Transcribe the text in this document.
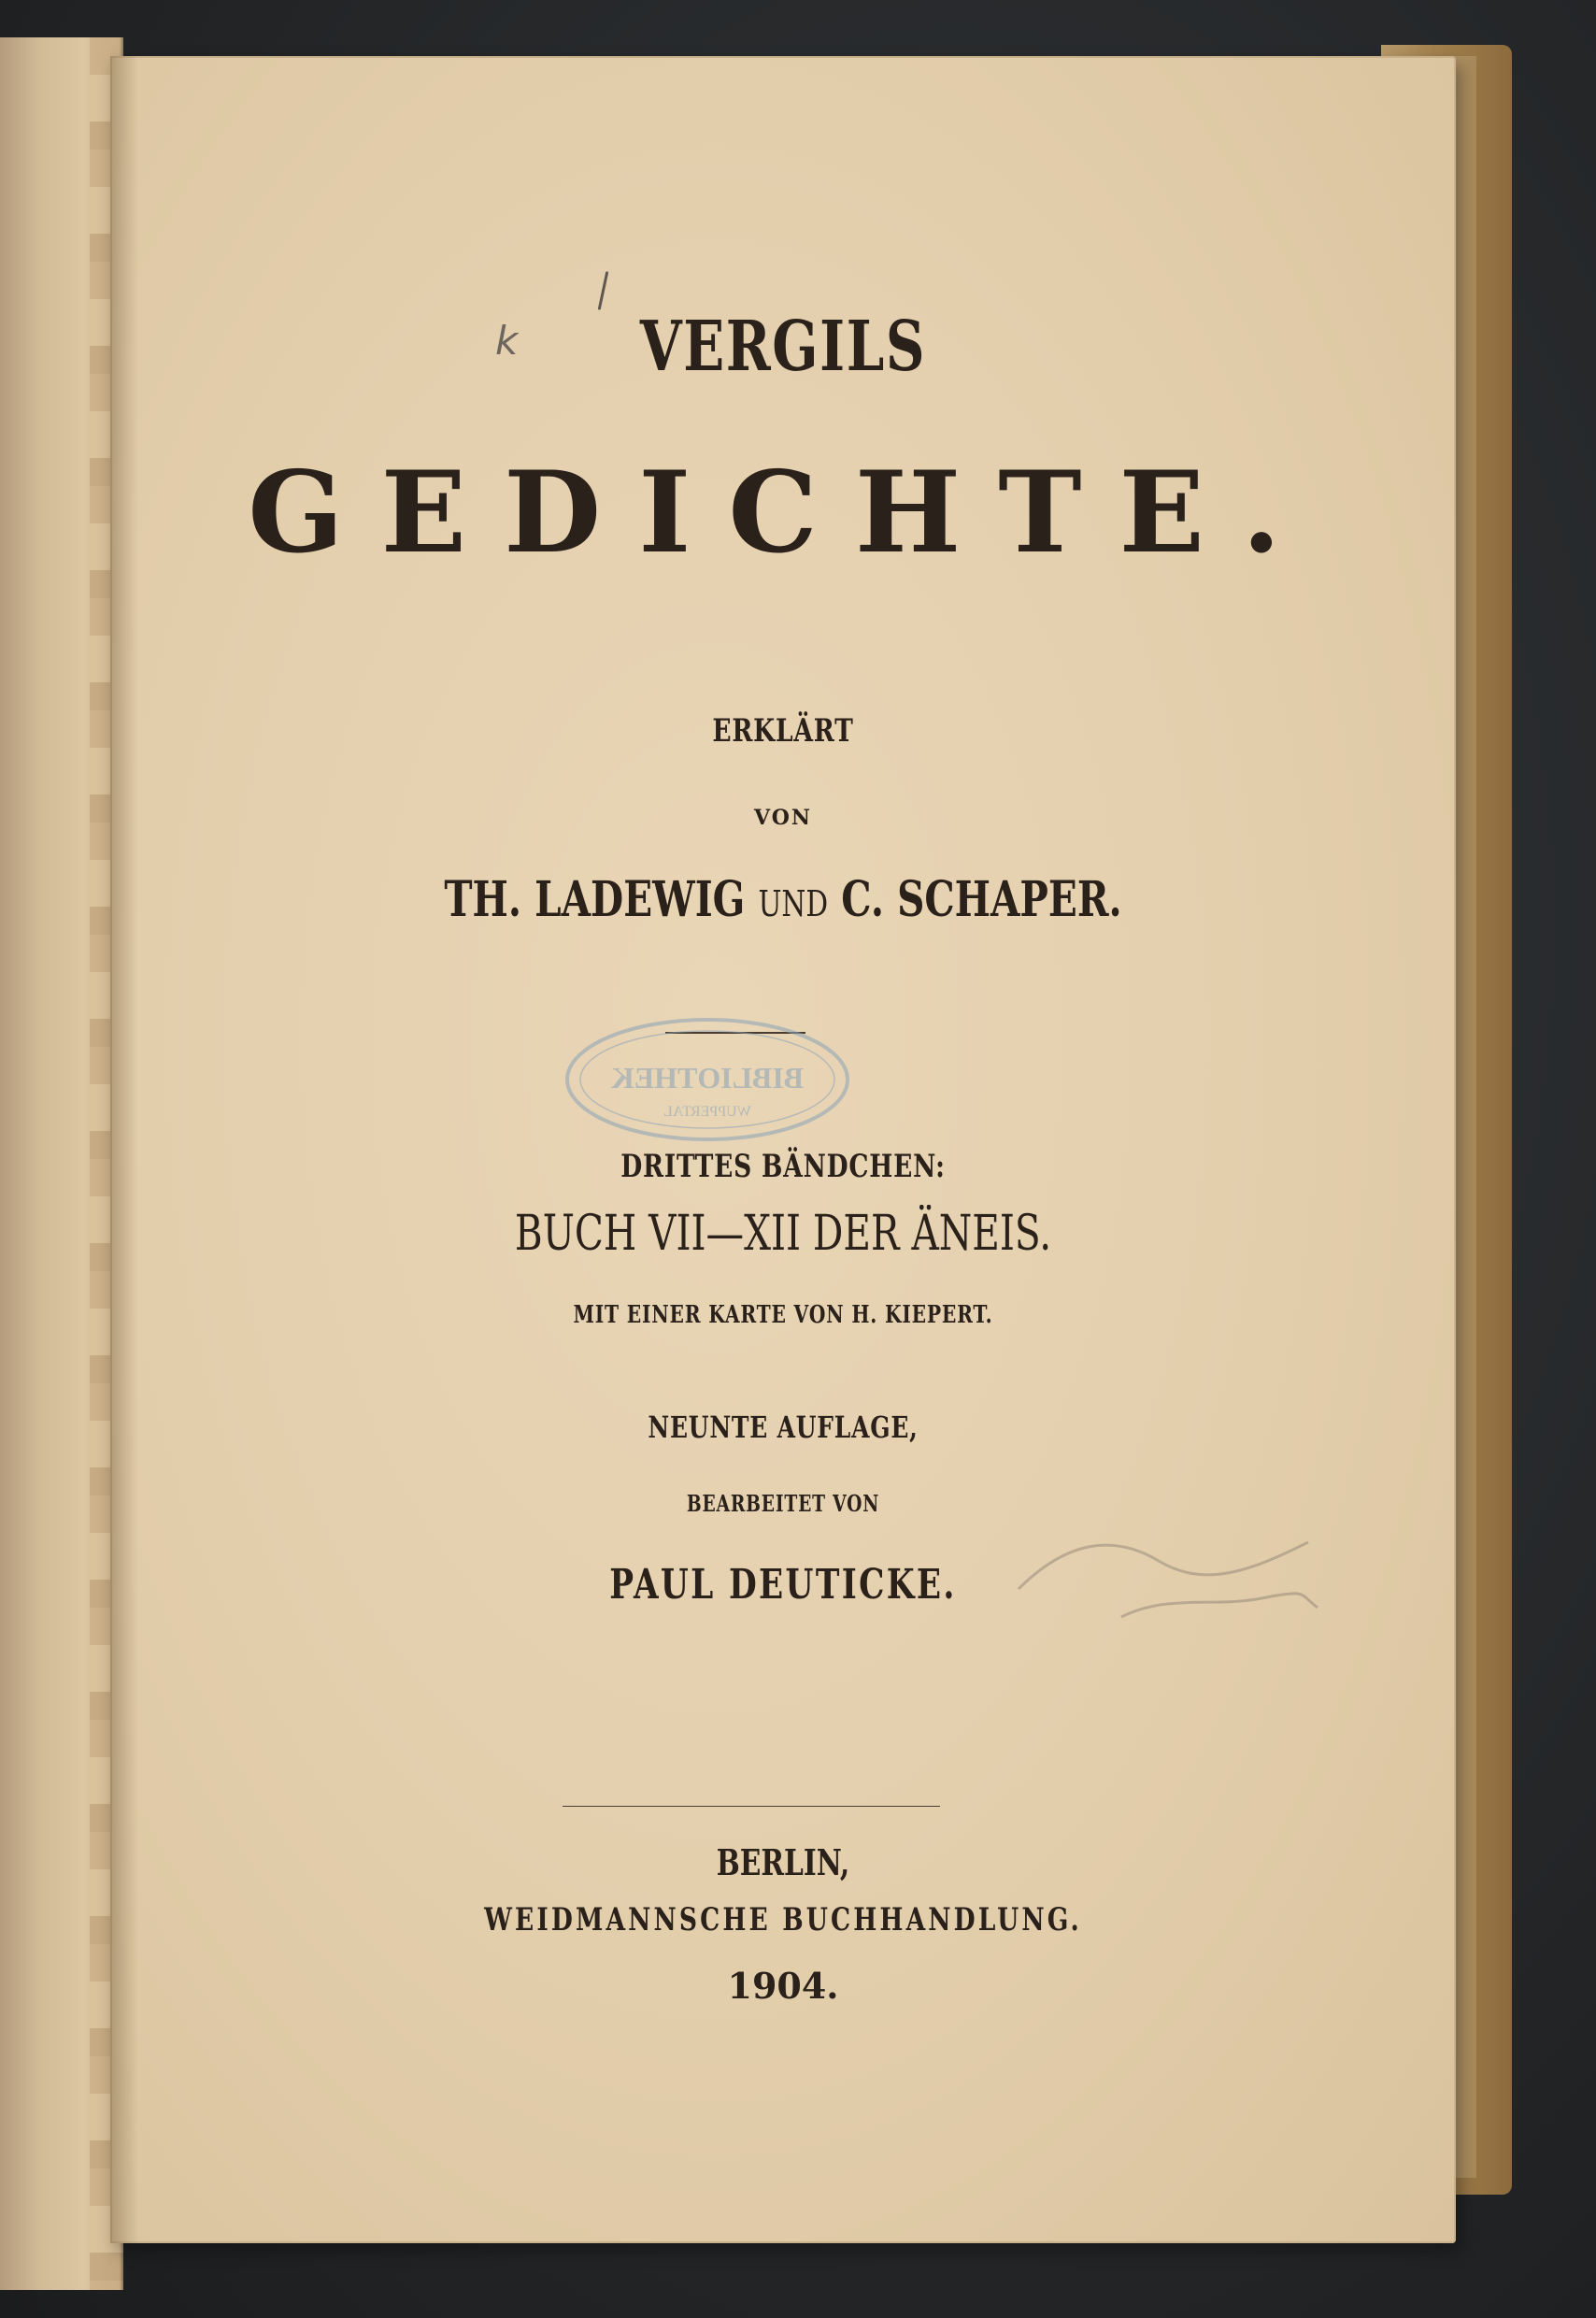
k	VERGILS

GEDICHTE.

ERKLÄRT

VON

TH. LADEWIG UND C. SCHAPER.

BIBLIOTHEK
WUPPERTAL

DRITTES BÄNDCHEN:

BUCH VII—XII DER ÄNEIS.

MIT EINER KARTE VON H. KIEPERT.

NEUNTE AUFLAGE,

BEARBEITET VON

PAUL DEUTICKE.

BERLIN,

WEIDMANNSCHE BUCHHANDLUNG.

1904.
